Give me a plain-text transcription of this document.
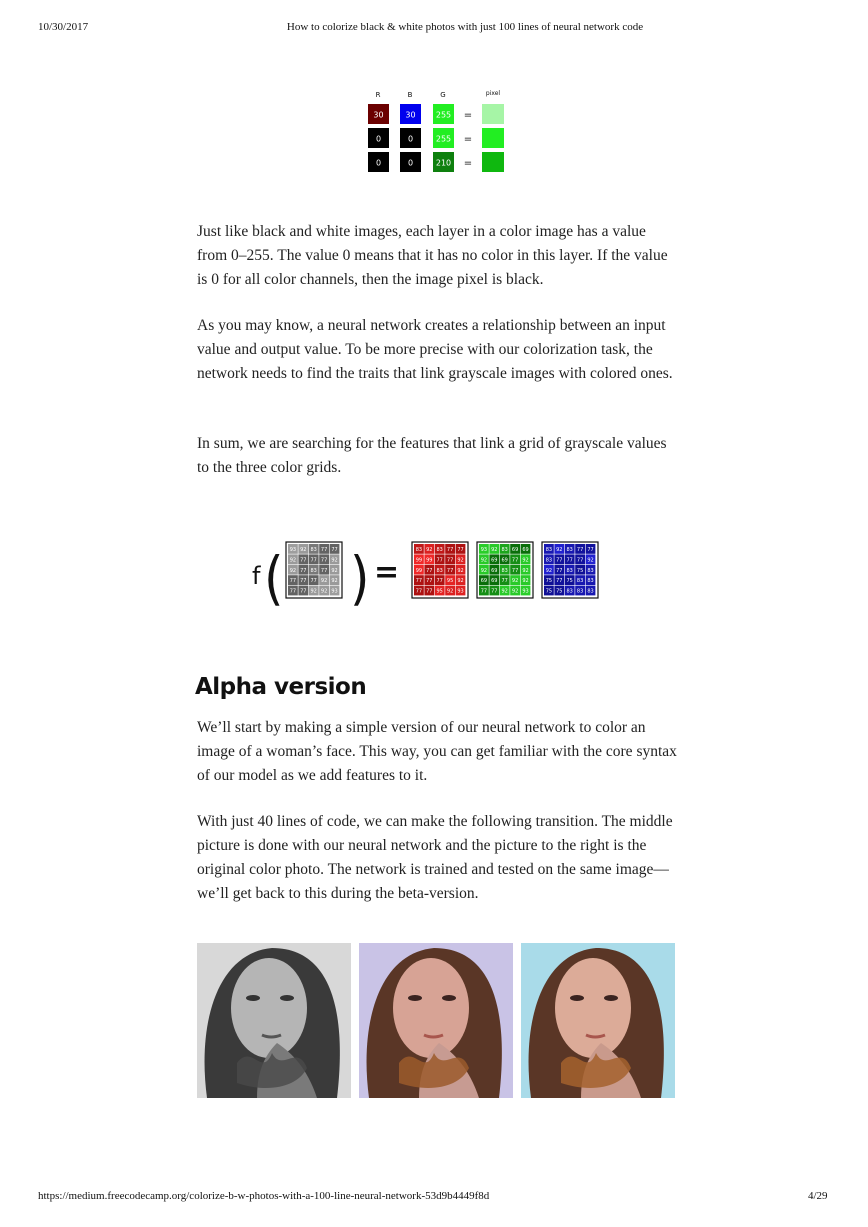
10/30/2017	How to colorize black & white photos with just 100 lines of neural network code
R	B	G	pixel
30	30	255 =
0	0	255 =
0	0	210 =

Just like black and white images, each layer in a color image has a value from 0–255. The value 0 means that it has no color in this layer. If the value is 0 for all color channels, then the image pixel is black.

As you may know, a neural network creates a relationship between an input value and output value. To be more precise with our colorization task, the network needs to find the traits that link grayscale images with colored ones.

In sum, we are searching for the features that link a grid of grayscale values to the three color grids.

f ( ) =
93 92 83 77 77
92 77 77 77 92
92 77 83 77 92
77 77 77 92 92
77 77 92 92 93
83 92 83 77 77
99 99 77 77 92
99 77 83 77 92
77 77 77 95 92
77 77 95 92 93
93 92 83 69 69
92 69 69 77 92
92 69 83 77 92
69 69 77 92 92
77 77 92 92 93
83 92 83 77 77
83 77 77 77 92
92 77 83 75 83
75 77 75 83 83
75 75 83 83 83
Alpha version

We’ll start by making a simple version of our neural network to color an image of a woman’s face. This way, you can get familiar with the core syntax of our model as we add features to it.

With just 40 lines of code, we can make the following transition. The middle picture is done with our neural network and the picture to the right is the original color photo. The network is trained and tested on the same image—we’ll get back to this during the beta-version.

https://medium.freecodecamp.org/colorize-b-w-photos-with-a-100-line-neural-network-53d9b4449f8d	4/29
